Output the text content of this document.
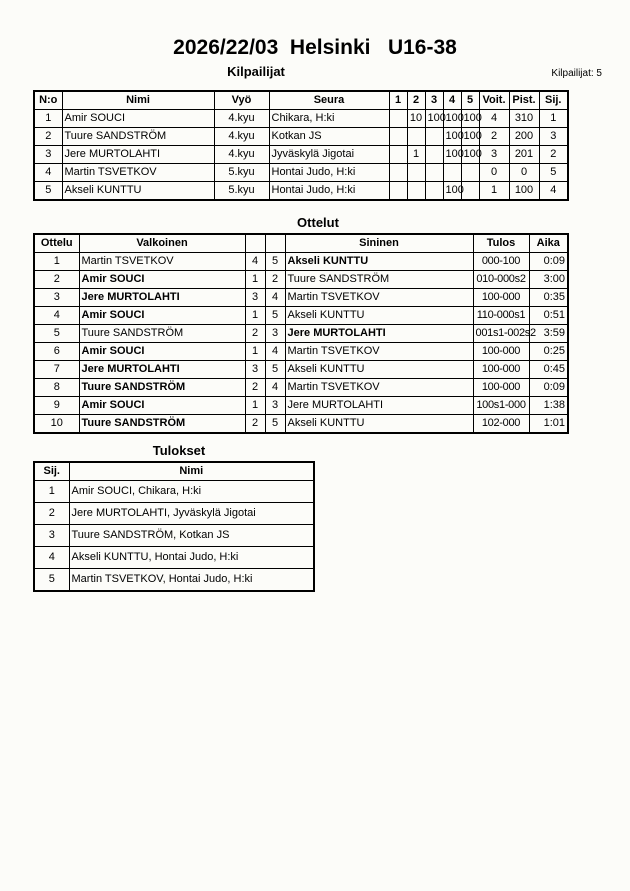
2026/22/03  Helsinki   U16-38
Kilpailijat: 5
Kilpailijat
N:o	Nimi	Vyö	Seura	1	2	3	4	5	Voit.	Pist.	Sij.
1	Amir SOUCI	4.kyu	Chikara, H:ki		10	100	100	100	4	310	1
2	Tuure SANDSTRÖM	4.kyu	Kotkan JS				100	100	2	200	3
3	Jere MURTOLAHTI	4.kyu	Jyväskylä Jigotai		1		100	100	3	201	2
4	Martin TSVETKOV	5.kyu	Hontai Judo, H:ki						0	0	5
5	Akseli KUNTTU	5.kyu	Hontai Judo, H:ki				100		1	100	4
Ottelut
Ottelu	Valkoinen			Sininen	Tulos	Aika
1	Martin TSVETKOV	4	5	Akseli KUNTTU	000-100	0:09
2	Amir SOUCI	1	2	Tuure SANDSTRÖM	010-000s2	3:00
3	Jere MURTOLAHTI	3	4	Martin TSVETKOV	100-000	0:35
4	Amir SOUCI	1	5	Akseli KUNTTU	110-000s1	0:51
5	Tuure SANDSTRÖM	2	3	Jere MURTOLAHTI	001s1-002s2	3:59
6	Amir SOUCI	1	4	Martin TSVETKOV	100-000	0:25
7	Jere MURTOLAHTI	3	5	Akseli KUNTTU	100-000	0:45
8	Tuure SANDSTRÖM	2	4	Martin TSVETKOV	100-000	0:09
9	Amir SOUCI	1	3	Jere MURTOLAHTI	100s1-000	1:38
10	Tuure SANDSTRÖM	2	5	Akseli KUNTTU	102-000	1:01
Tulokset
Sij.	Nimi
1	Amir SOUCI, Chikara, H:ki
2	Jere MURTOLAHTI, Jyväskylä Jigotai
3	Tuure SANDSTRÖM, Kotkan JS
4	Akseli KUNTTU, Hontai Judo, H:ki
5	Martin TSVETKOV, Hontai Judo, H:ki
